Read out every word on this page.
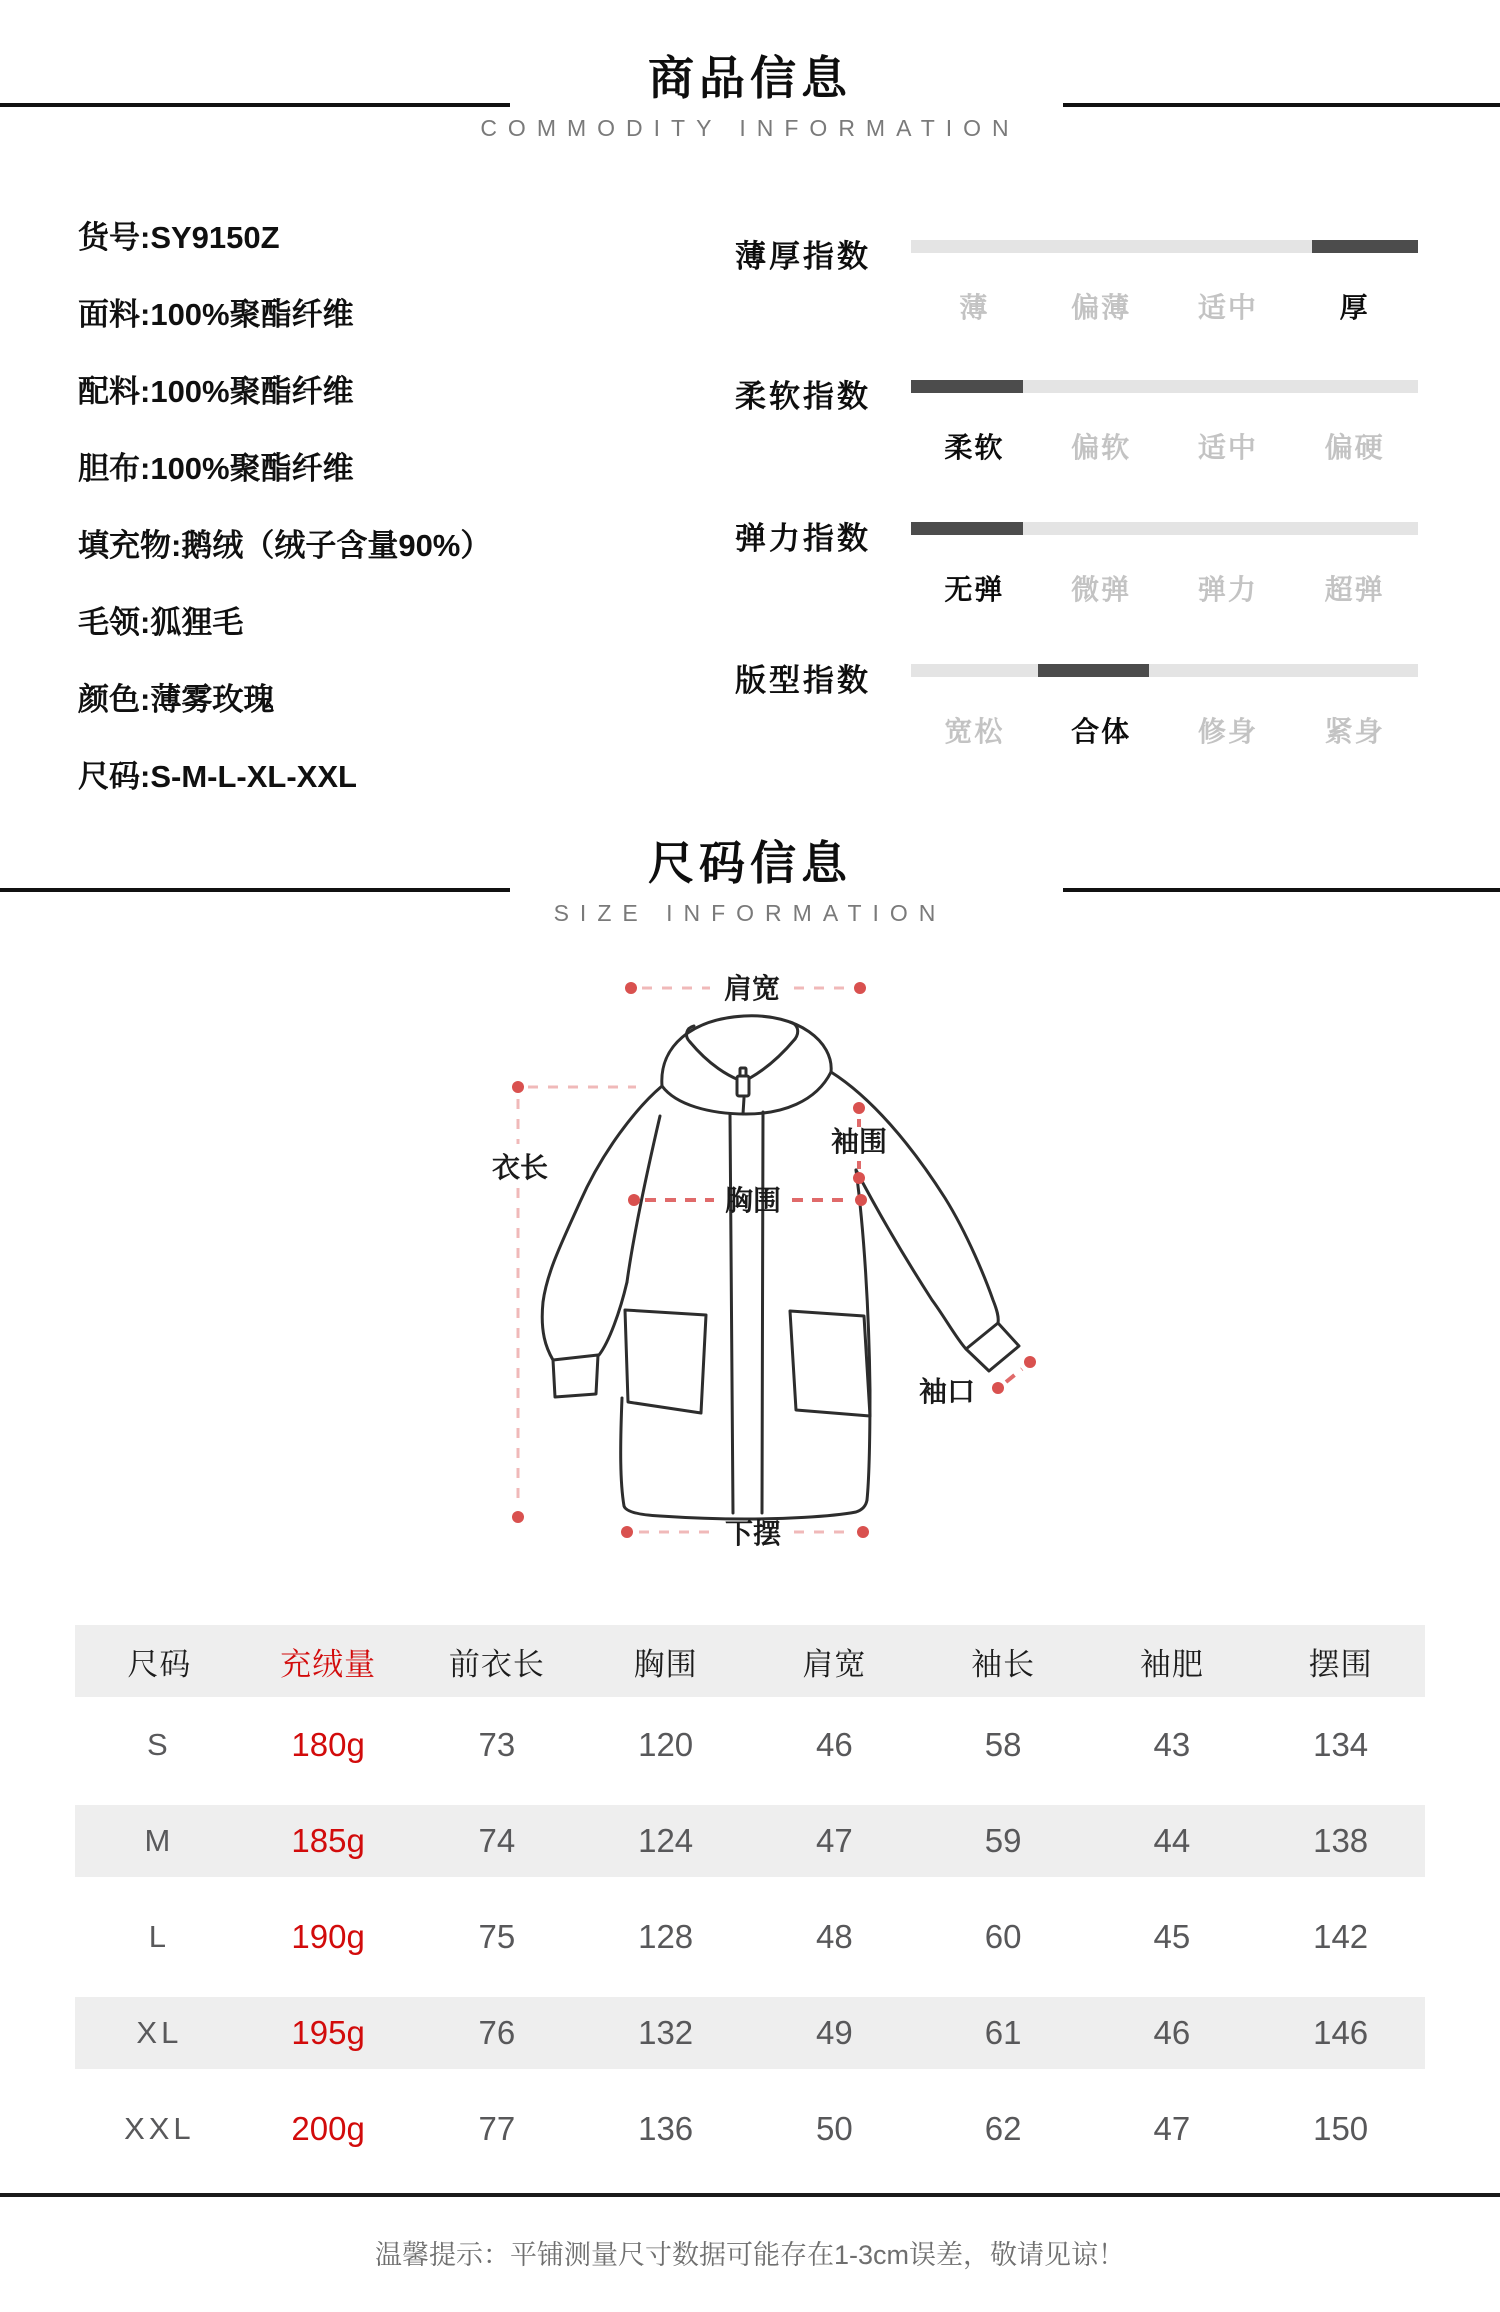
商品信息
COMMODITY INFORMATION
货号:SY9150Z
面料:100%聚酯纤维
配料:100%聚酯纤维
胆布:100%聚酯纤维
填充物:鹅绒（绒子含量90%）
毛领:狐狸毛
颜色:薄雾玫瑰
尺码:S-M-L-XL-XXL
薄厚指数
薄	偏薄	适中	厚
柔软指数
柔软	偏软	适中	偏硬
弹力指数
无弹	微弹	弹力	超弹
版型指数
宽松	合体	修身	紧身
尺码信息
SIZE INFORMATION
肩宽
衣长
袖围
胸围
袖口
下摆
尺码	充绒量	前衣长	胸围	肩宽	袖长	袖肥	摆围
S	180g	73	120	46	58	43	134
M	185g	74	124	47	59	44	138
L	190g	75	128	48	60	45	142
XL	195g	76	132	49	61	46	146
XXL	200g	77	136	50	62	47	150
温馨提示：平铺测量尺寸数据可能存在1-3cm误差，敬请见谅！
